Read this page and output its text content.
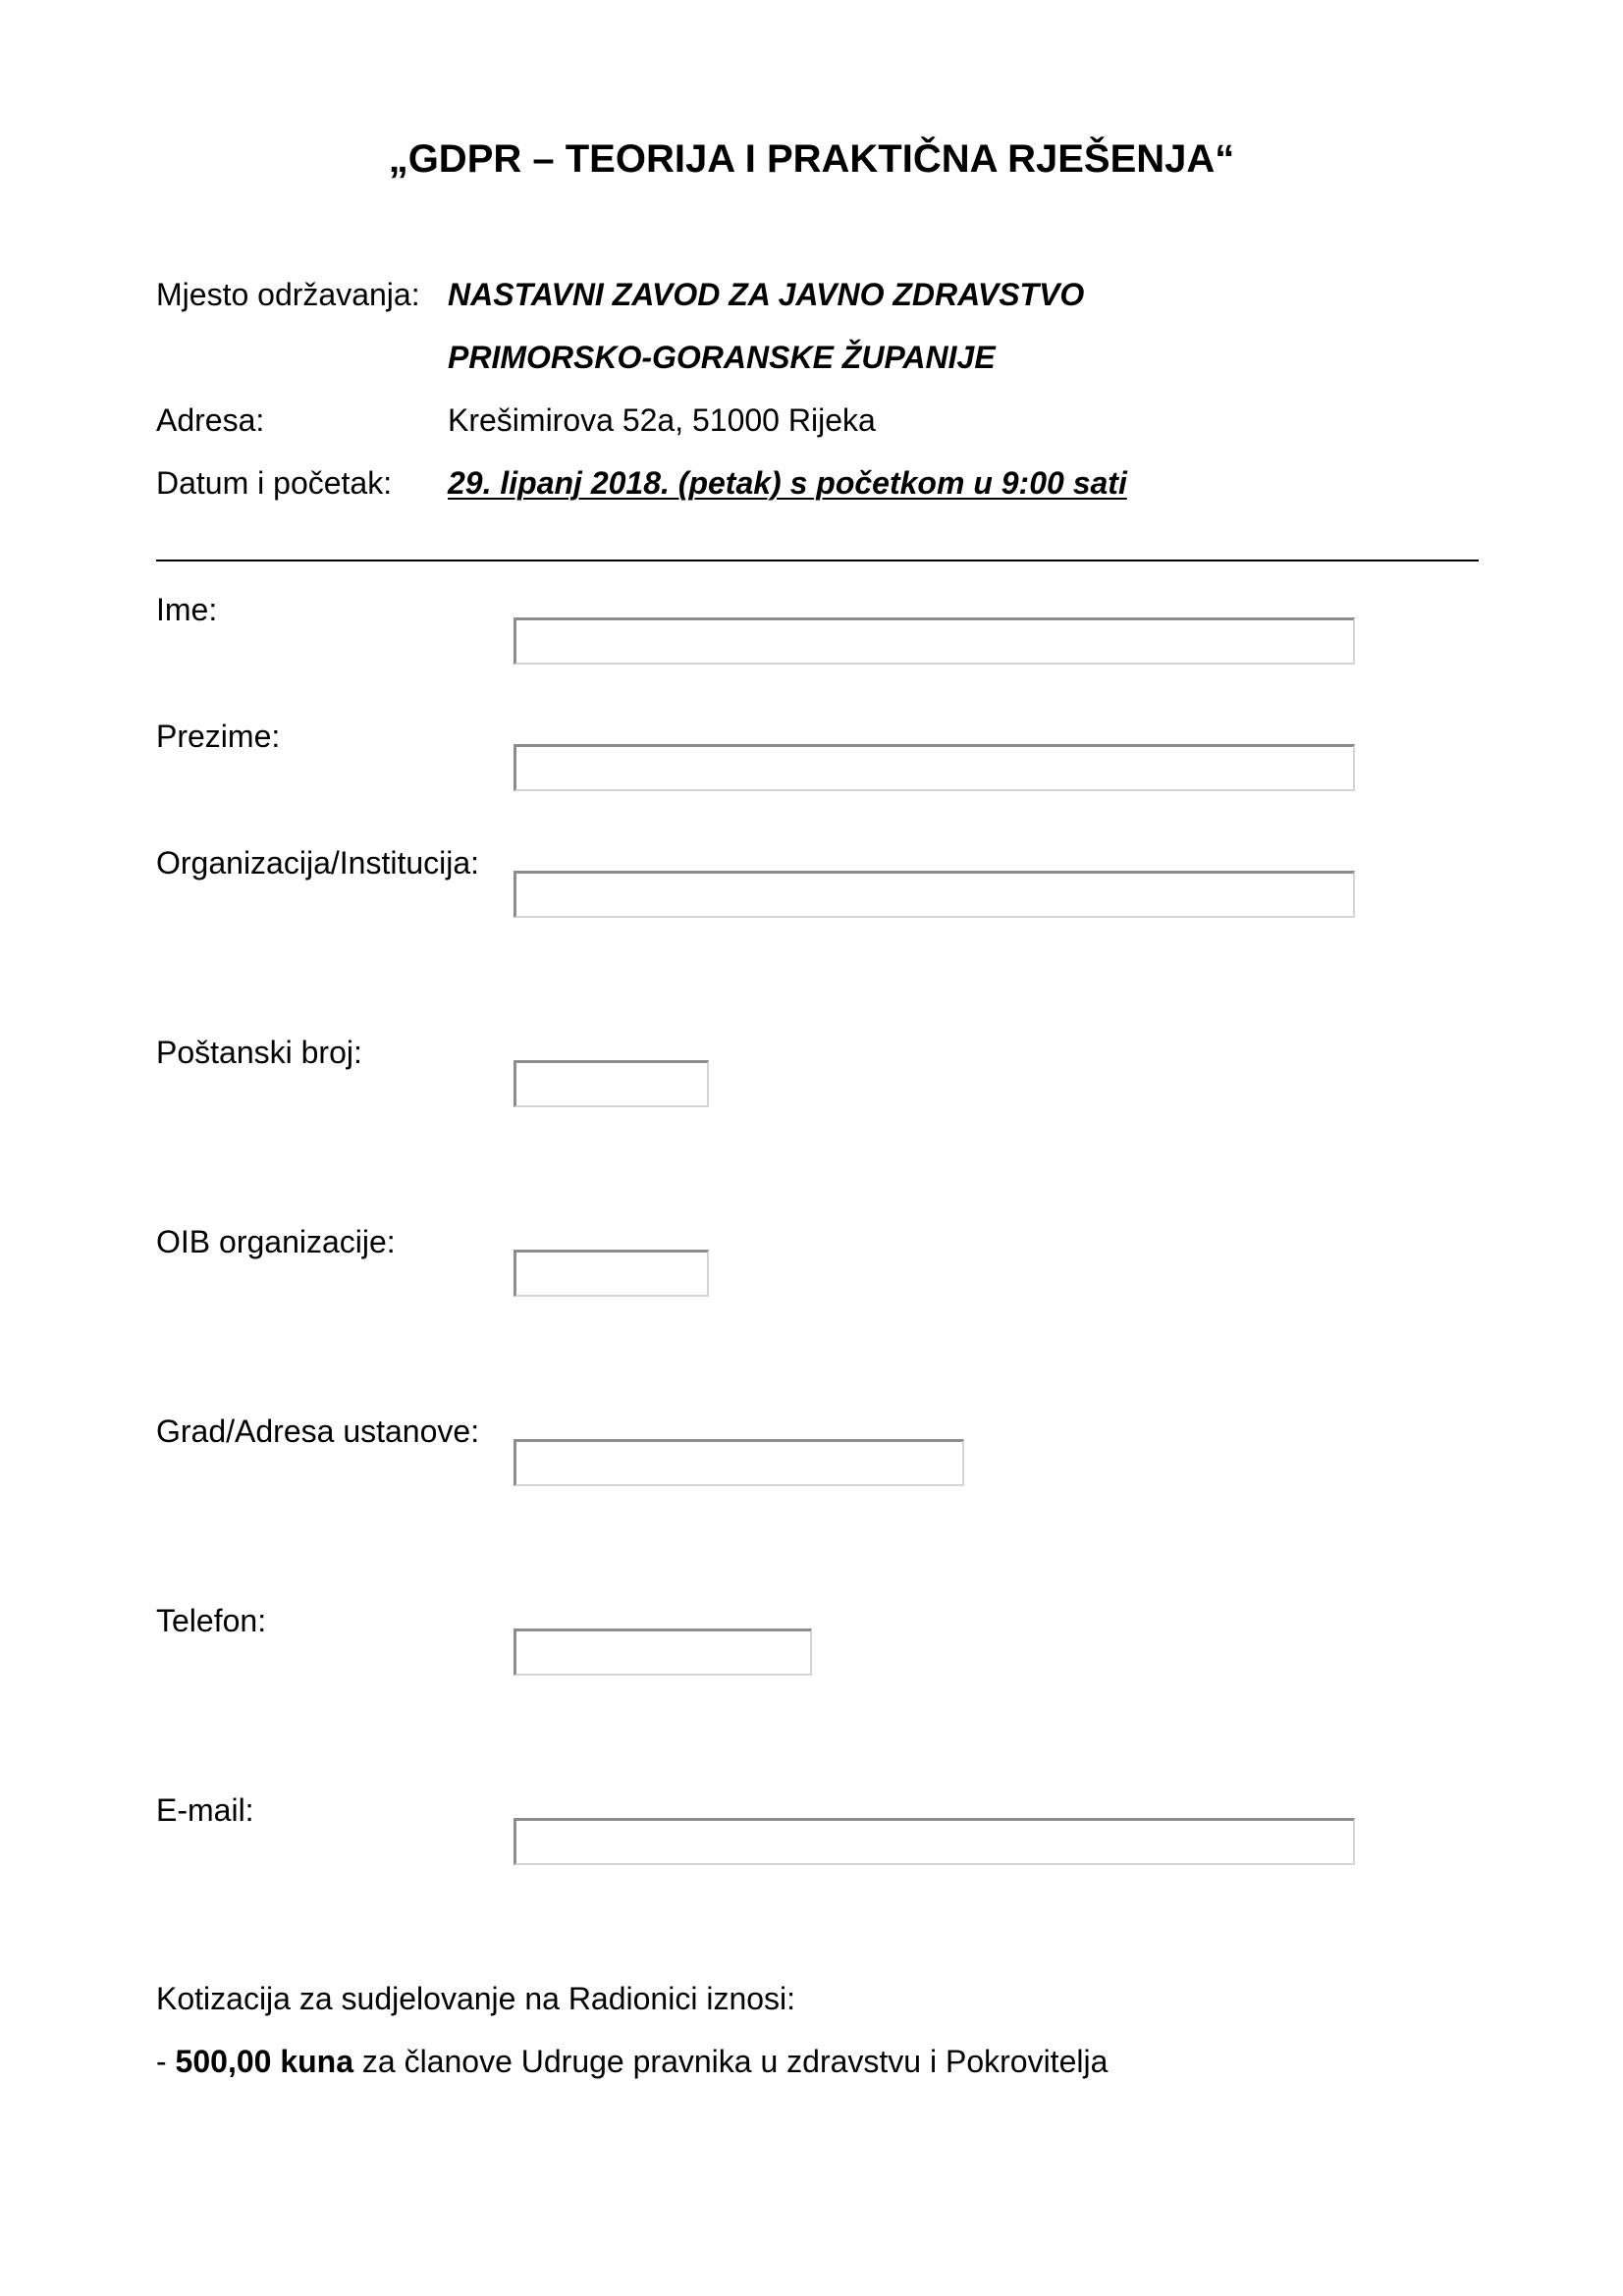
„GDPR – TEORIJA I PRAKTIČNA RJEŠENJA“
Mjesto održavanja: NASTAVNI ZAVOD ZA JAVNO ZDRAVSTVO
PRIMORSKO-GORANSKE ŽUPANIJE
Adresa:	Krešimirova 52a, 51000 Rijeka
Datum i početak: 29. lipanj 2018. (petak) s početkom u 9:00 sati
Ime:
Prezime:
Organizacija/Institucija:
Poštanski broj:
OIB organizacije:
Grad/Adresa ustanove:
Telefon:
E-mail:
Kotizacija za sudjelovanje na Radionici iznosi:
- 500,00 kuna za članove Udruge pravnika u zdravstvu i Pokrovitelja
